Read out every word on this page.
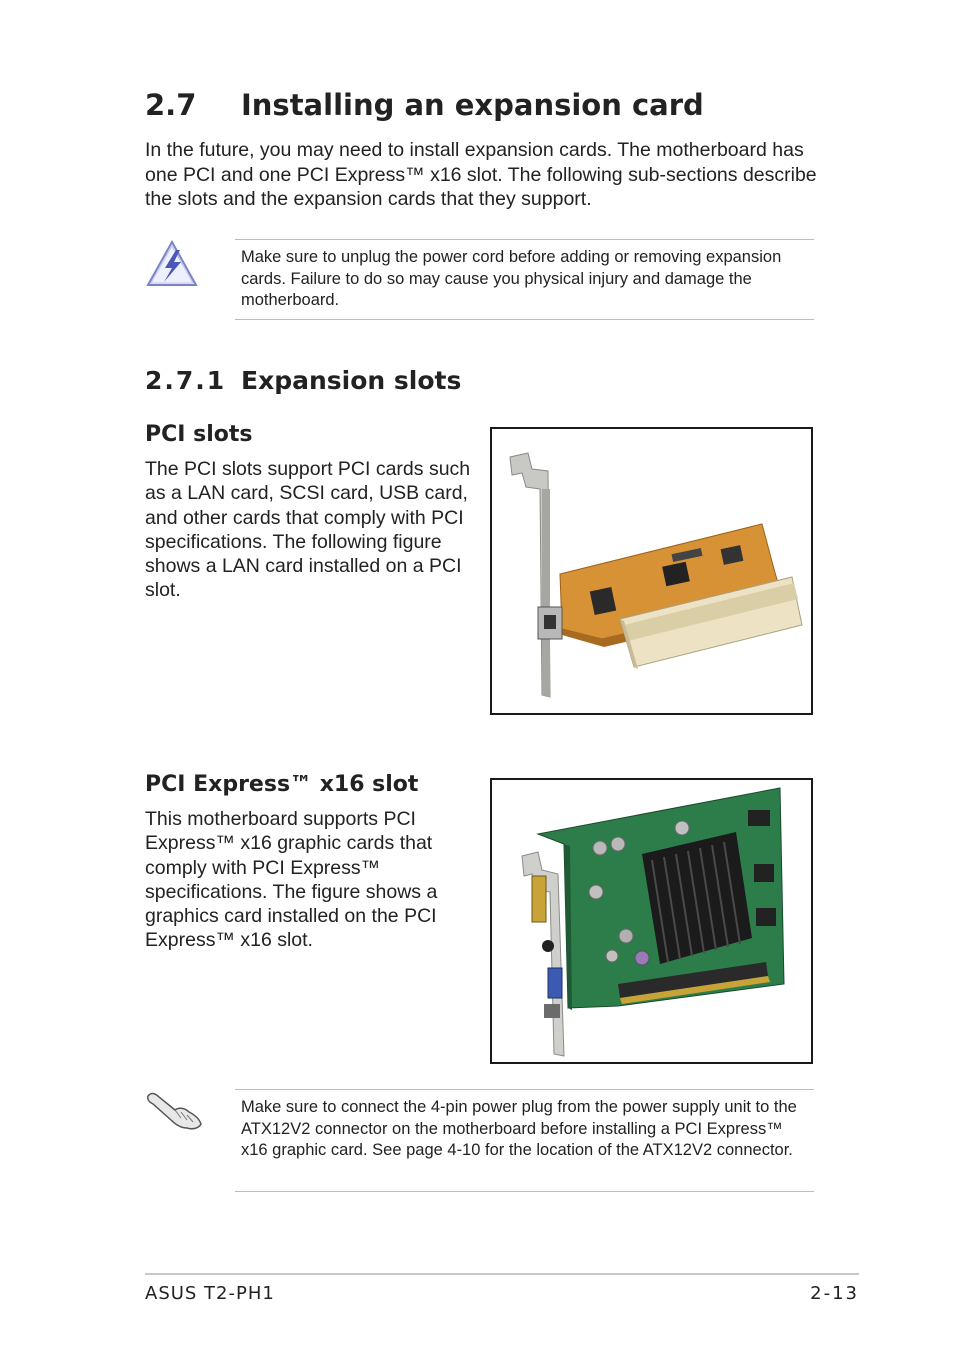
2.7 Installing an expansion card

In the future, you may need to install expansion cards. The motherboard has one PCI and one PCI Express™ x16 slot. The following sub-sections describe the slots and the expansion cards that they support.

Make sure to unplug the power cord before adding or removing expansion cards. Failure to do so may cause you physical injury and damage the motherboard.
2.7.1 Expansion slots
PCI slots

The PCI slots support PCI cards such as a LAN card, SCSI card, USB card, and other cards that comply with PCI specifications. The following figure shows a LAN card installed on a PCI slot.

PCI Express™ x16 slot

This motherboard supports PCI Express™ x16 graphic cards that comply with PCI Express™ specifications. The figure shows a graphics card installed on the PCI Express™ x16 slot.

Make sure to connect the 4-pin power plug from the power supply unit to the ATX12V2 connector on the motherboard before installing a PCI Express™ x16 graphic card. See page 4-10 for the location of the ATX12V2 connector.
ASUS T2-PH1	2-13
